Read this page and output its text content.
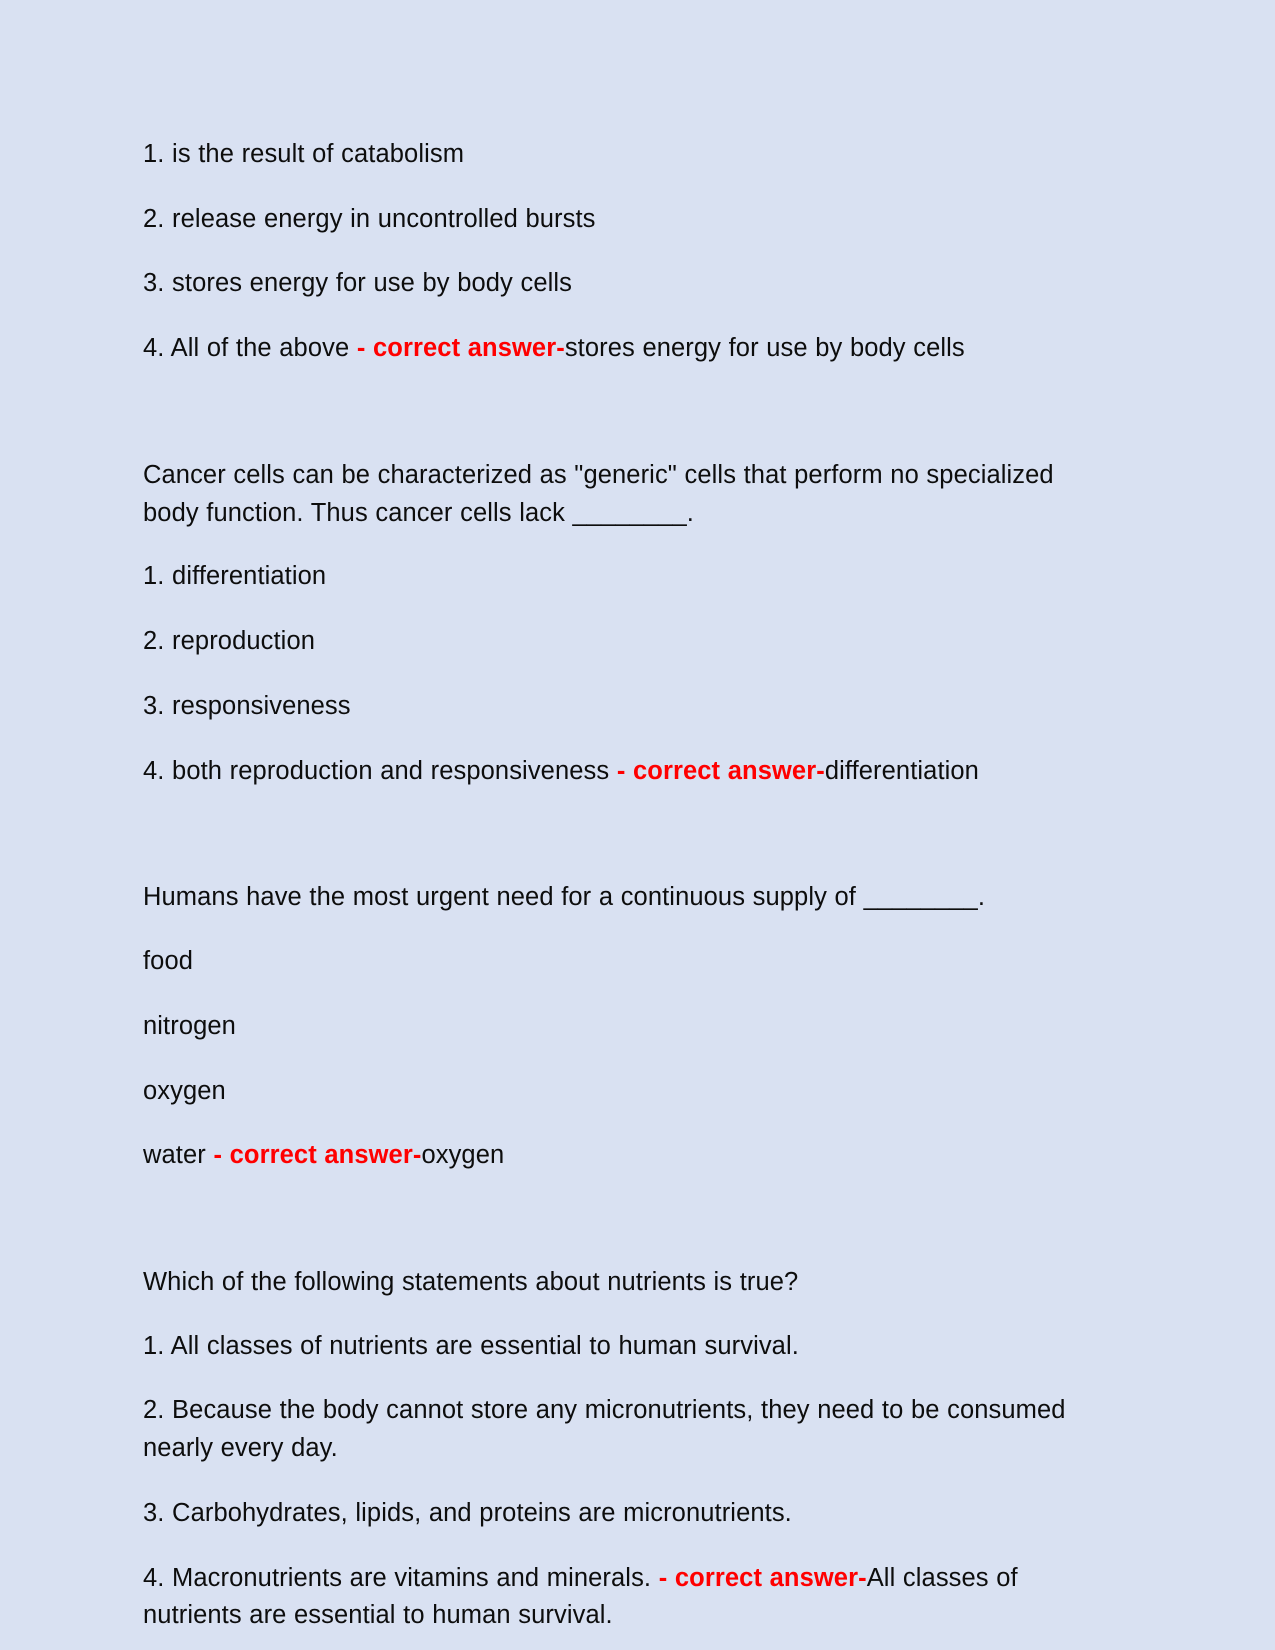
1. is the result of catabolism
2. release energy in uncontrolled bursts
3. stores energy for use by body cells
4. All of the above - correct answer-stores energy for use by body cells
Cancer cells can be characterized as "generic" cells that perform no specialized body function. Thus cancer cells lack ________.
1. differentiation
2. reproduction
3. responsiveness
4. both reproduction and responsiveness - correct answer-differentiation
Humans have the most urgent need for a continuous supply of ________.
food
nitrogen
oxygen
water - correct answer-oxygen
Which of the following statements about nutrients is true?
1. All classes of nutrients are essential to human survival.
2. Because the body cannot store any micronutrients, they need to be consumed nearly every day.
3. Carbohydrates, lipids, and proteins are micronutrients.
4. Macronutrients are vitamins and minerals. - correct answer-All classes of nutrients are essential to human survival.
